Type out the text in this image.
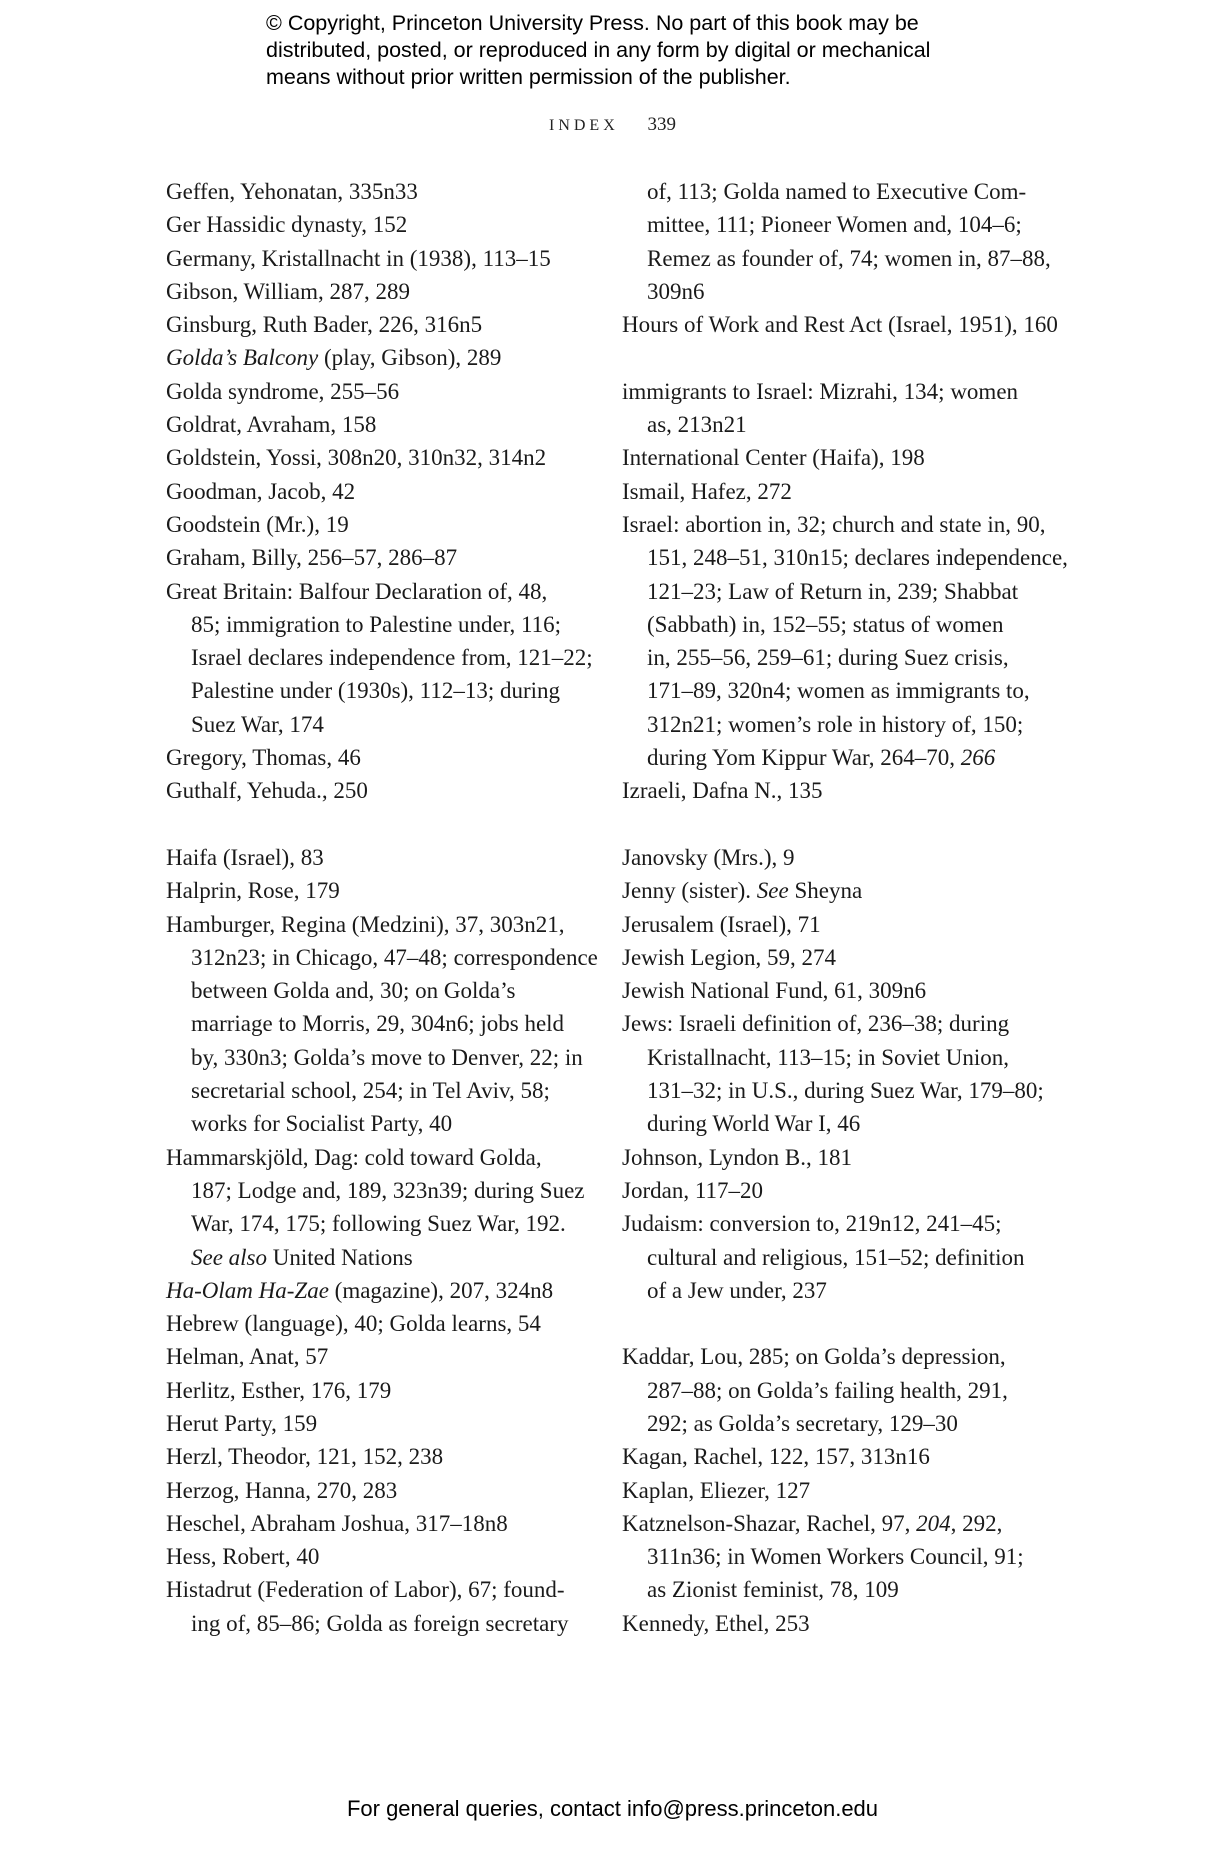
© Copyright, Princeton University Press. No part of this book may be
distributed, posted, or reproduced in any form by digital or mechanical
means without prior written permission of the publisher.
INDEX 339
Geffen, Yehonatan, 335n33
Ger Hassidic dynasty, 152
Germany, Kristallnacht in (1938), 113–15
Gibson, William, 287, 289
Ginsburg, Ruth Bader, 226, 316n5
Golda’s Balcony (play, Gibson), 289
Golda syndrome, 255–56
Goldrat, Avraham, 158
Goldstein, Yossi, 308n20, 310n32, 314n2
Goodman, Jacob, 42
Goodstein (Mr.), 19
Graham, Billy, 256–57, 286–87
Great Britain: Balfour Declaration of, 48,
85; immigration to Palestine under, 116;
Israel declares independence from, 121–22;
Palestine under (1930s), 112–13; during
Suez War, 174
Gregory, Thomas, 46
Guthalf, Yehuda., 250
Haifa (Israel), 83
Halprin, Rose, 179
Hamburger, Regina (Medzini), 37, 303n21,
312n23; in Chicago, 47–48; correspondence
between Golda and, 30; on Golda’s
marriage to Morris, 29, 304n6; jobs held
by, 330n3; Golda’s move to Denver, 22; in
secretarial school, 254; in Tel Aviv, 58;
works for Socialist Party, 40
Hammarskjöld, Dag: cold toward Golda,
187; Lodge and, 189, 323n39; during Suez
War, 174, 175; following Suez War, 192.
See also United Nations
Ha-Olam Ha-Zae (magazine), 207, 324n8
Hebrew (language), 40; Golda learns, 54
Helman, Anat, 57
Herlitz, Esther, 176, 179
Herut Party, 159
Herzl, Theodor, 121, 152, 238
Herzog, Hanna, 270, 283
Heschel, Abraham Joshua, 317–18n8
Hess, Robert, 40
Histadrut (Federation of Labor), 67; found-
ing of, 85–86; Golda as foreign secretary
of, 113; Golda named to Executive Com-
mittee, 111; Pioneer Women and, 104–6;
Remez as founder of, 74; women in, 87–88,
309n6
Hours of Work and Rest Act (Israel, 1951), 160
immigrants to Israel: Mizrahi, 134; women
as, 213n21
International Center (Haifa), 198
Ismail, Hafez, 272
Israel: abortion in, 32; church and state in, 90,
151, 248–51, 310n15; declares independence,
121–23; Law of Return in, 239; Shabbat
(Sabbath) in, 152–55; status of women
in, 255–56, 259–61; during Suez crisis,
171–89, 320n4; women as immigrants to,
312n21; women’s role in history of, 150;
during Yom Kippur War, 264–70, 266
Izraeli, Dafna N., 135
Janovsky (Mrs.), 9
Jenny (sister). See Sheyna
Jerusalem (Israel), 71
Jewish Legion, 59, 274
Jewish National Fund, 61, 309n6
Jews: Israeli definition of, 236–38; during
Kristallnacht, 113–15; in Soviet Union,
131–32; in U.S., during Suez War, 179–80;
during World War I, 46
Johnson, Lyndon B., 181
Jordan, 117–20
Judaism: conversion to, 219n12, 241–45;
cultural and religious, 151–52; definition
of a Jew under, 237
Kaddar, Lou, 285; on Golda’s depression,
287–88; on Golda’s failing health, 291,
292; as Golda’s secretary, 129–30
Kagan, Rachel, 122, 157, 313n16
Kaplan, Eliezer, 127
Katznelson-Shazar, Rachel, 97, 204, 292,
311n36; in Women Workers Council, 91;
as Zionist feminist, 78, 109
Kennedy, Ethel, 253
For general queries, contact info@press.princeton.edu
